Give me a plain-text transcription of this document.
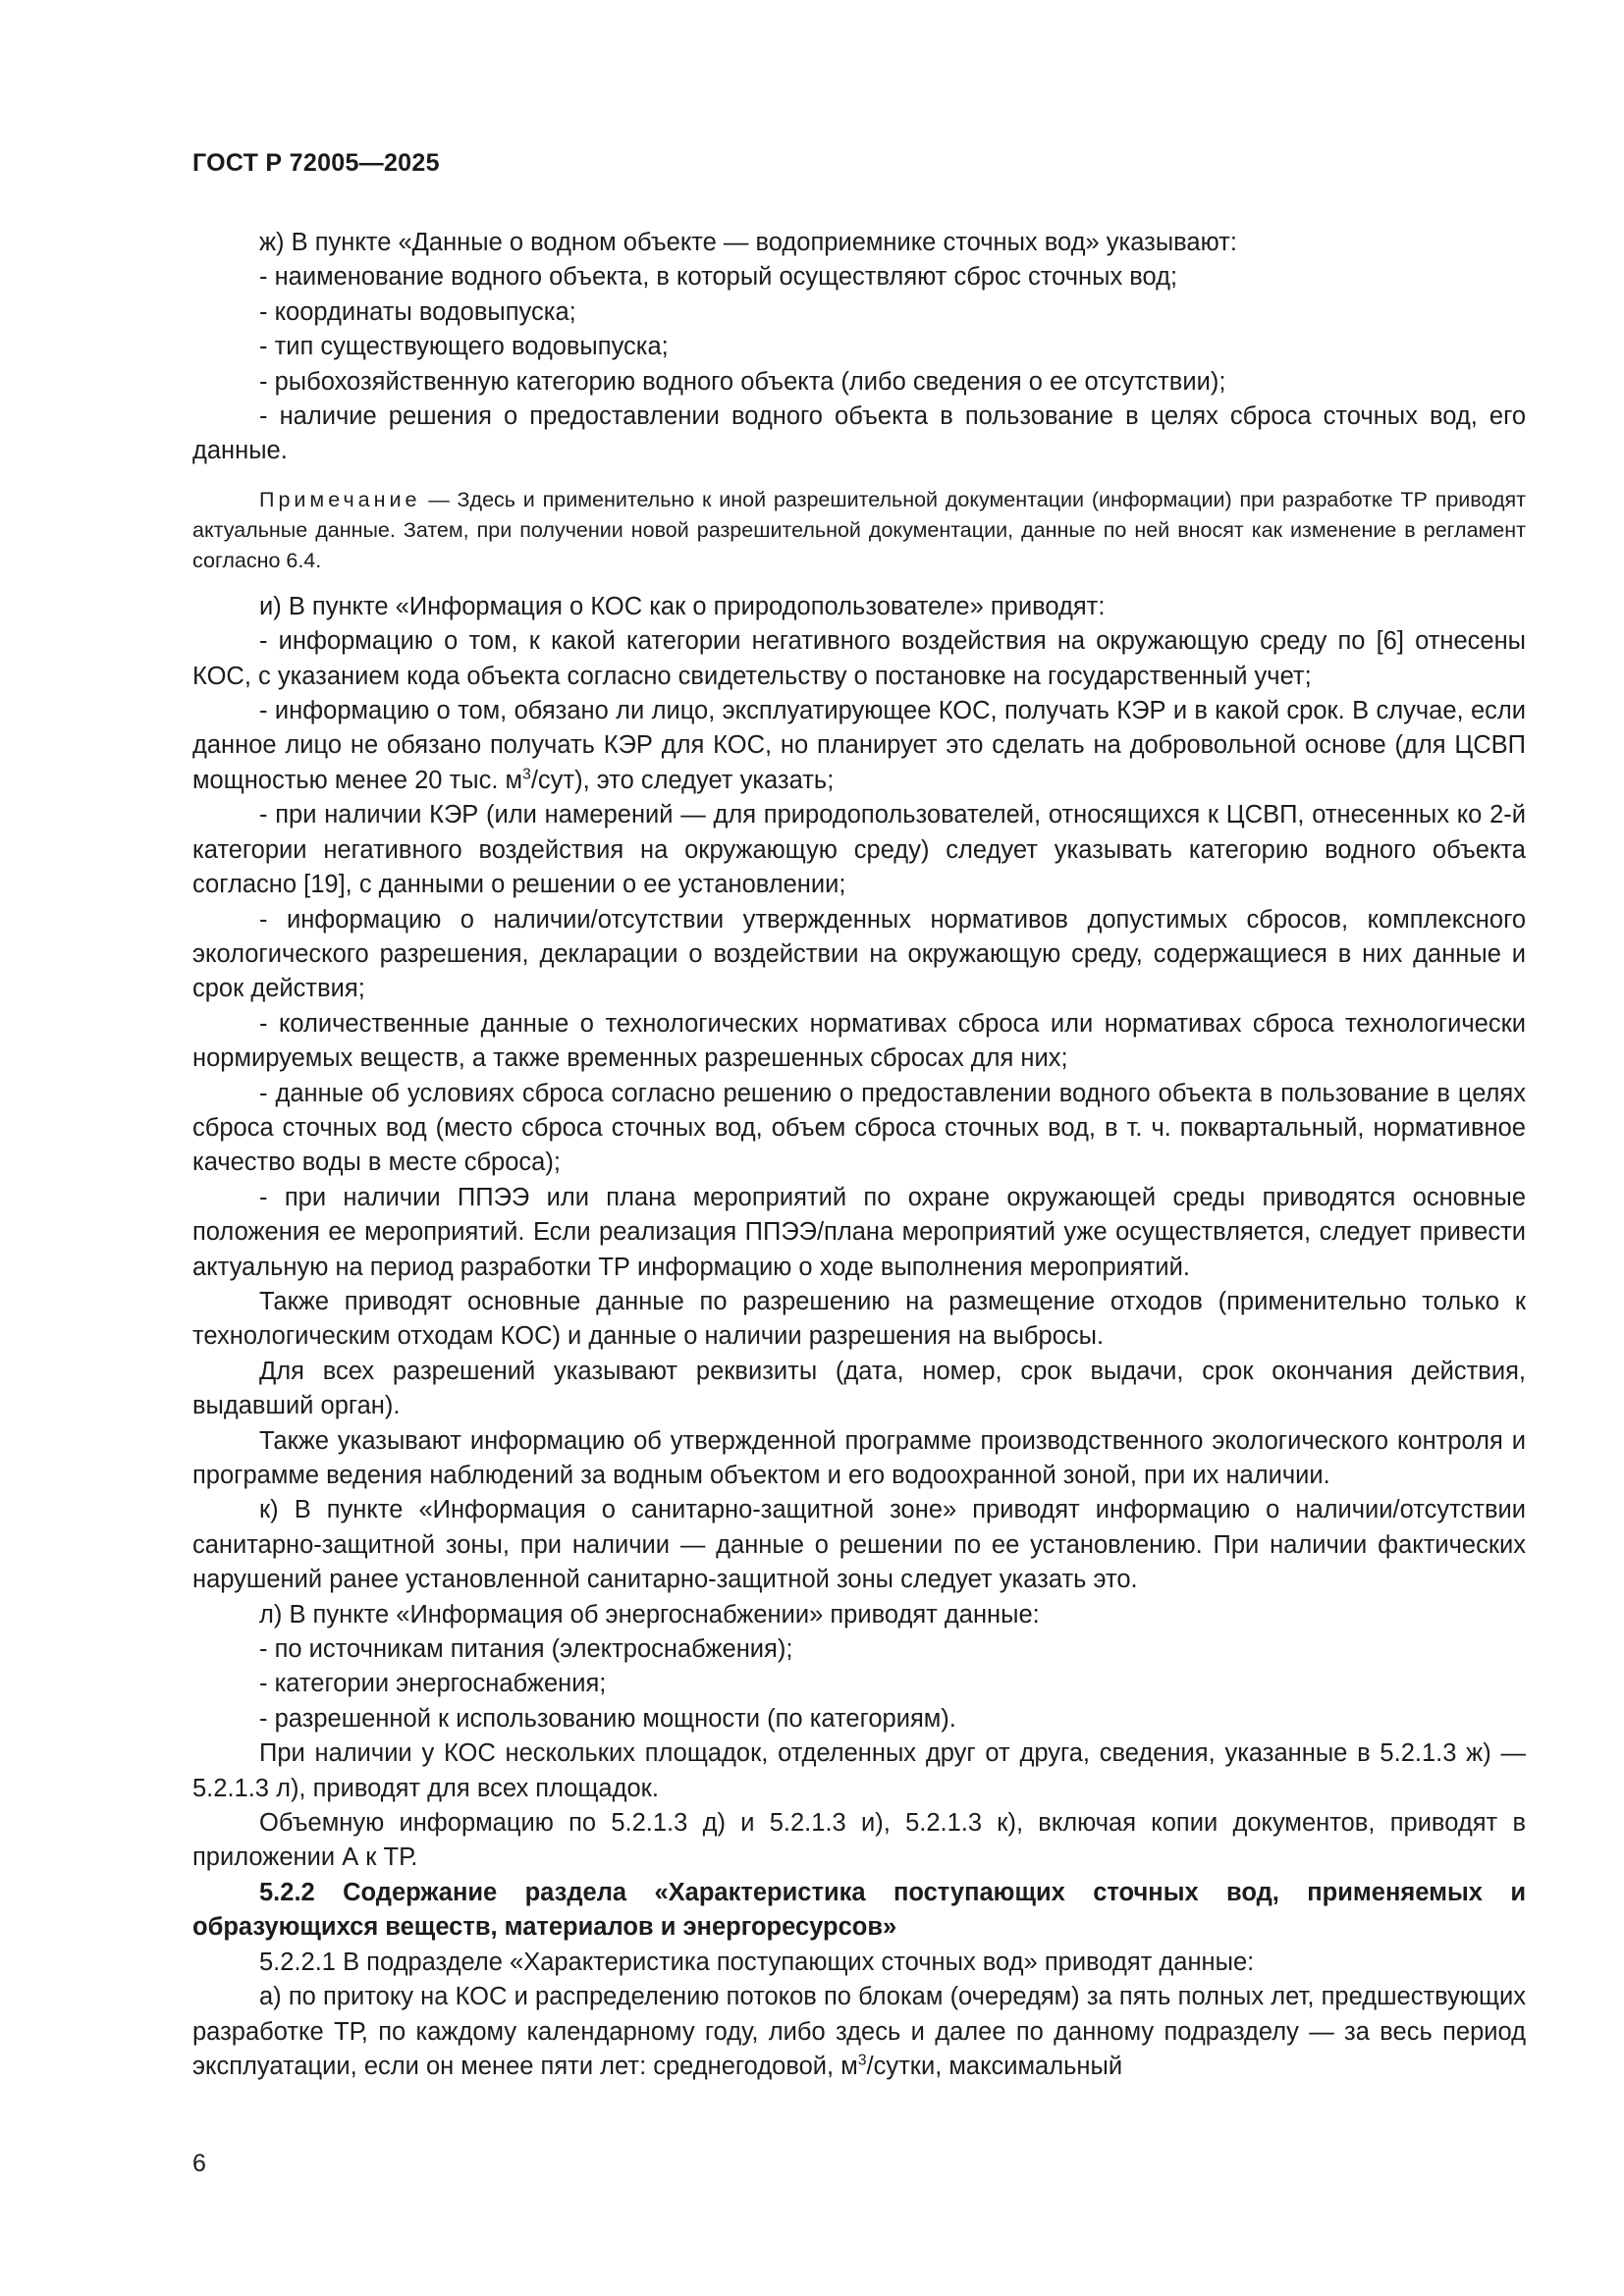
ГОСТ Р 72005—2025

ж) В пункте «Данные о водном объекте — водоприемнике сточных вод» указывают:

- наименование водного объекта, в который осуществляют сброс сточных вод;

- координаты водовыпуска;

- тип существующего водовыпуска;

- рыбохозяйственную категорию водного объекта (либо сведения о ее отсутствии);

- наличие решения о предоставлении водного объекта в пользование в целях сброса сточных вод, его данные.

Примечание — Здесь и применительно к иной разрешительной документации (информации) при разработке ТР приводят актуальные данные. Затем, при получении новой разрешительной документации, данные по ней вносят как изменение в регламент согласно 6.4.

и) В пункте «Информация о КОС как о природопользователе» приводят:

- информацию о том, к какой категории негативного воздействия на окружающую среду по [6] отнесены КОС, с указанием кода объекта согласно свидетельству о постановке на государственный учет;

- информацию о том, обязано ли лицо, эксплуатирующее КОС, получать КЭР и в какой срок. В случае, если данное лицо не обязано получать КЭР для КОС, но планирует это сделать на добровольной основе (для ЦСВП мощностью менее 20 тыс. $м^3/сут$), это следует указать;

- при наличии КЭР (или намерений — для природопользователей, относящихся к ЦСВП, отнесенных ко 2-й категории негативного воздействия на окружающую среду) следует указывать категорию водного объекта согласно [19], с данными о решении о ее установлении;

- информацию о наличии/отсутствии утвержденных нормативов допустимых сбросов, комплексного экологического разрешения, декларации о воздействии на окружающую среду, содержащиеся в них данные и срок действия;

- количественные данные о технологических нормативах сброса или нормативах сброса технологически нормируемых веществ, а также временных разрешенных сбросах для них;

- данные об условиях сброса согласно решению о предоставлении водного объекта в пользование в целях сброса сточных вод (место сброса сточных вод, объем сброса сточных вод, в т. ч. поквартальный, нормативное качество воды в месте сброса);

- при наличии ППЭЭ или плана мероприятий по охране окружающей среды приводятся основные положения ее мероприятий. Если реализация ППЭЭ/плана мероприятий уже осуществляется, следует привести актуальную на период разработки ТР информацию о ходе выполнения мероприятий.

Также приводят основные данные по разрешению на размещение отходов (применительно только к технологическим отходам КОС) и данные о наличии разрешения на выбросы.

Для всех разрешений указывают реквизиты (дата, номер, срок выдачи, срок окончания действия, выдавший орган).

Также указывают информацию об утвержденной программе производственного экологического контроля и программе ведения наблюдений за водным объектом и его водоохранной зоной, при их наличии.

к) В пункте «Информация о санитарно-защитной зоне» приводят информацию о наличии/отсутствии санитарно-защитной зоны, при наличии — данные о решении по ее установлению. При наличии фактических нарушений ранее установленной санитарно-защитной зоны следует указать это.

л) В пункте «Информация об энергоснабжении» приводят данные:

- по источникам питания (электроснабжения);

- категории энергоснабжения;

- разрешенной к использованию мощности (по категориям).

При наличии у КОС нескольких площадок, отделенных друг от друга, сведения, указанные в 5.2.1.3 ж) — 5.2.1.3 л), приводят для всех площадок.

Объемную информацию по 5.2.1.3 д) и 5.2.1.3 и), 5.2.1.3 к), включая копии документов, приводят в приложении А к ТР.

5.2.2 Содержание раздела «Характеристика поступающих сточных вод, применяемых и образующихся веществ, материалов и энергоресурсов»

5.2.2.1 В подразделе «Характеристика поступающих сточных вод» приводят данные:

а) по притоку на КОС и распределению потоков по блокам (очередям) за пять полных лет, предшествующих разработке ТР, по каждому календарному году, либо здесь и далее по данному подразделу — за весь период эксплуатации, если он менее пяти лет: среднегодовой, $м^3$/сутки, максимальный

6
